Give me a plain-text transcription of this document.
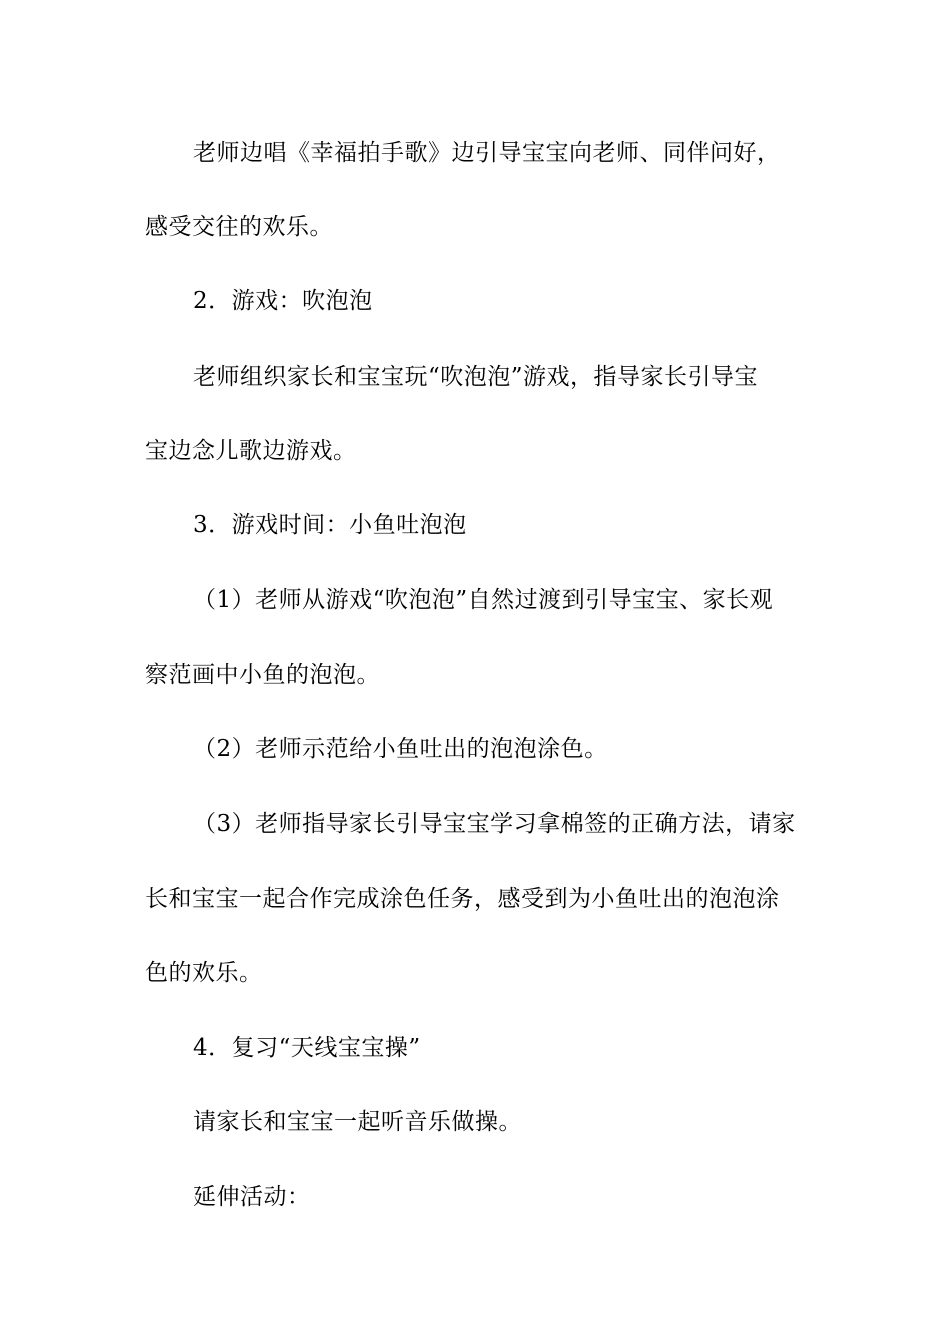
老师边唱《幸福拍手歌》边引导宝宝向老师、同伴问好，

感受交往的欢乐。

2．游戏：吹泡泡

老师组织家长和宝宝玩“吹泡泡”游戏，指导家长引导宝

宝边念儿歌边游戏。

3．游戏时间：小鱼吐泡泡

（1）老师从游戏“吹泡泡”自然过渡到引导宝宝、家长观

察范画中小鱼的泡泡。

（2）老师示范给小鱼吐出的泡泡涂色。

（3）老师指导家长引导宝宝学习拿棉签的正确方法，请家

长和宝宝一起合作完成涂色任务，感受到为小鱼吐出的泡泡涂

色的欢乐。

4．复习“天线宝宝操”

请家长和宝宝一起听音乐做操。

延伸活动：
